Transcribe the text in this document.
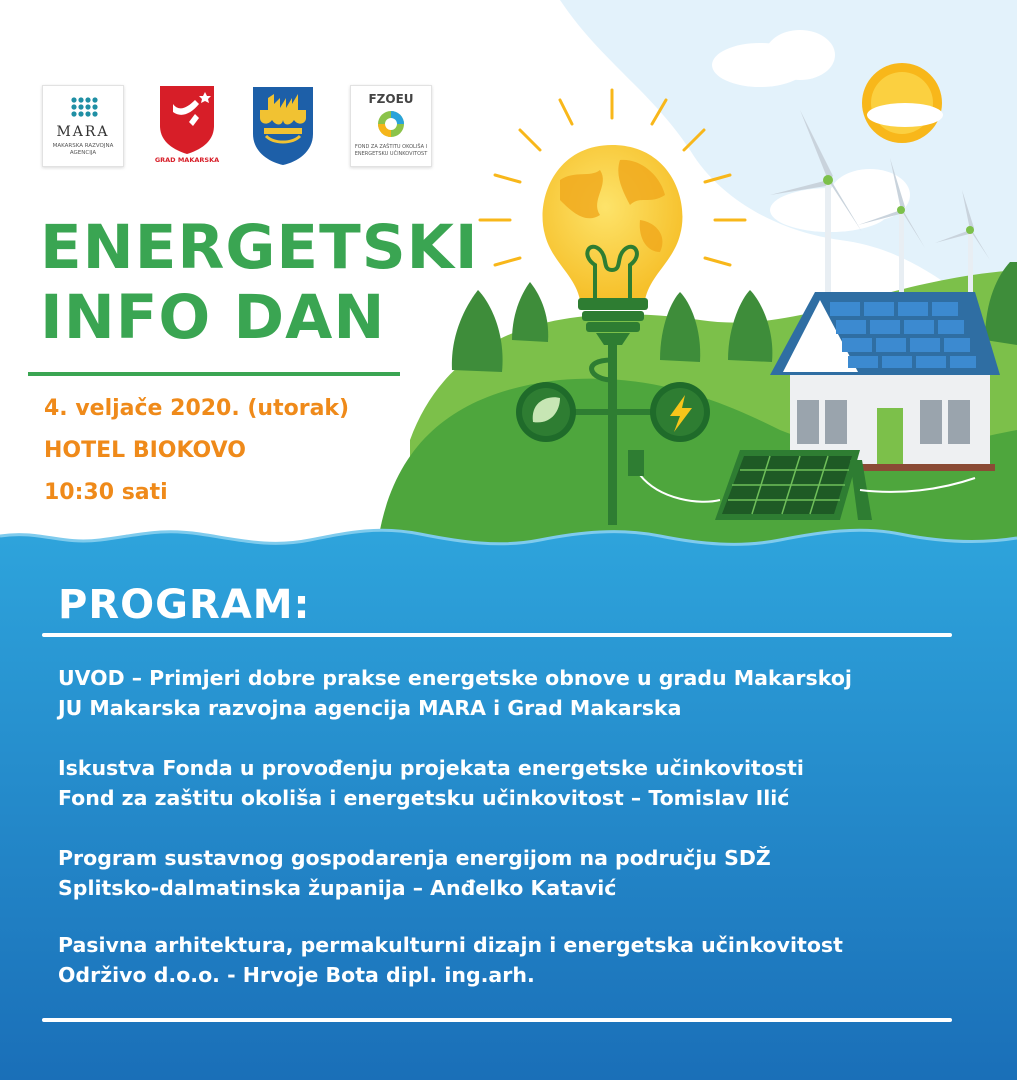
MARA
MAKARSKA RAZVOJNA
AGENCIJA
GRAD MAKARSKA
FZOEU
FOND ZA ZAŠTITU OKOLIŠA I
ENERGETSKU UČINKOVITOST
ENERGETSKI
INFO DAN
4. veljače 2020. (utorak)
HOTEL BIOKOVO
10:30 sati
PROGRAM:
UVOD – Primjeri dobre prakse energetske obnove u gradu Makarskoj
JU Makarska razvojna agencija MARA i Grad Makarska
Iskustva Fonda u provođenju projekata energetske učinkovitosti
Fond za zaštitu okoliša i energetsku učinkovitost – Tomislav Ilić
Program sustavnog gospodarenja energijom na području SDŽ
Splitsko-dalmatinska županija – Anđelko Katavić
Pasivna arhitektura, permakulturni dizajn i energetska učinkovitost
Održivo d.o.o. - Hrvoje Bota dipl. ing.arh.
